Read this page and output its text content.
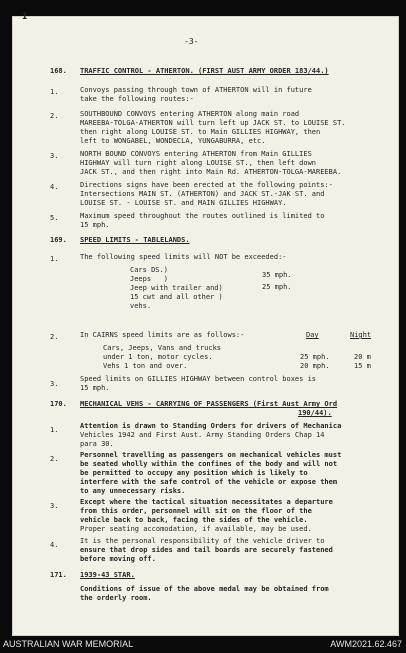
I
-3-
168. TRAFFIC CONTROL - ATHERTON. (FIRST AUST ARMY ORDER 183/44.)
1.	Convoys passing through town of ATHERTON will in future
take the following routes:-
2.	SOUTHBOUND CONVOYS entering ATHERTON along main road
MAREEBA-TOLGA-ATHERTON will turn left up JACK ST. to LOUISE ST.
then right along LOUISE ST. to Main GILLIES HIGHWAY, then
left to WONGABEL, WONDECLA, YUNGABURRA, etc.
3.	NORTH BOUND CONVOYS entering ATHERTON from Main GILLIES
HIGHWAY will turn right along LOUISE ST., then left down
JACK ST., and then right into Main Rd. ATHERTON-TOLGA-MAREEBA.
4.	Directions signs have been erected at the following points:-
Intersections MAIN ST. (ATHERTON) and JACK ST.-JAK ST. and
LOUISE ST. - LOUISE ST. and MAIN GILLIES HIGHWAY.
5.	Maximum speed throughout the routes outlined is limited to
15 mph.
169. SPEED LIMITS - TABLELANDS.
1.	The following speed limits will NOT be exceeded:-
Cars DS.)
Jeeps   )	35 mph.
Jeep with trailer and)	25 mph.
15 cwt and all other )
vehs.
2.	In CAIRNS speed limits are as follows:-	Day	Night
Cars, Jeeps, Vans and trucks
under 1 ton, motor cycles.	25 mph.	20 m
Vehs 1 ton and over.	20 mph.	15 m
3.
Speed limits on GILLIES HIGHWAY between control boxes is
15 mph.
170. MECHANICAL VEHS - CARRYING OF PASSENGERS (First Aust Army Ord
190/44).
1.	Attention is drawn to Standing Orders for drivers of Mechanica
Vehicles 1942 and First Aust. Army Standing Orders Chap 14
para 30.
2.	Personnel travelling as passengers on mechanical vehicles must
be seated wholly within the confines of the body and will not
be permitted to occupy any position which is likely to
interfere with the safe control of the vehicle or expose them
to any unnecessary risks.
3.	Except where the tactical situation necessitates a departure
from this order, personnel will sit on the floor of the
vehicle back to back, facing the sides of the vehicle.
Proper seating accomodation, if available, may be used.
4.	It is the personal responsibility of the vehicle driver to
ensure that drop sides and tail boards are securely fastened
before moving off.
171. 1939-43 STAR.
Conditions of issue of the above medal may be obtained from
the orderly room.
AUSTRALIAN WAR MEMORIAL	AWM2021.62.467
